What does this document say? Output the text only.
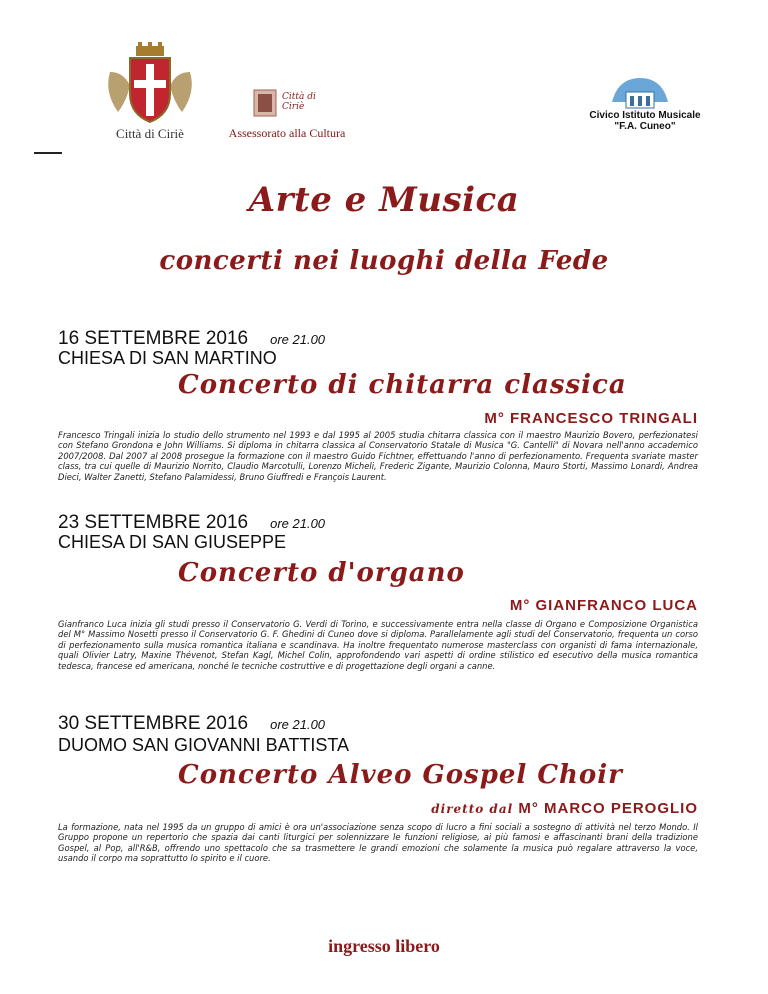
Città di Ciriè
Città di Ciriè
Assessorato alla Cultura
Civico Istituto Musicale
"F.A. Cuneo"
Arte e Musica
concerti nei luoghi della Fede
16 SETTEMBRE 2016 ore 21.00
CHIESA DI SAN MARTINO
Concerto di chitarra classica
M° FRANCESCO TRINGALI
Francesco Tringali inizia lo studio dello strumento nel 1993 e dal 1995 al 2005 studia chitarra classica con il maestro Maurizio Bovero, perfezionatesi con Stefano Grondona e John Williams. Si diploma in chitarra classica al Conservatorio Statale di Musica "G. Cantelli" di Novara nell'anno accademico 2007/2008. Dal 2007 al 2008 prosegue la formazione con il maestro Guido Fichtner, effettuando l'anno di perfezionamento. Frequenta svariate master class, tra cui quelle di Maurizio Norrito, Claudio Marcotulli, Lorenzo Micheli, Frederic Zigante, Maurizio Colonna, Mauro Storti, Massimo Lonardi, Andrea Dieci, Walter Zanetti, Stefano Palamidessi, Bruno Giuffredi e François Laurent.
23 SETTEMBRE 2016 ore 21.00
CHIESA DI SAN GIUSEPPE
Concerto d'organo
M° GIANFRANCO LUCA
Gianfranco Luca inizia gli studi presso il Conservatorio G. Verdi di Torino, e successivamente entra nella classe di Organo e Composizione Organistica del M° Massimo Nosetti presso il Conservatorio G. F. Ghedini di Cuneo dove si diploma. Parallelamente agli studi del Conservatorio, frequenta un corso di perfezionamento sulla musica romantica italiana e scandinava. Ha inoltre frequentato numerose masterclass con organisti di fama internazionale, quali Olivier Latry, Maxine Thévenot, Stefan Kagl, Michel Colin, approfondendo vari aspetti di ordine stilistico ed esecutivo della musica romantica tedesca, francese ed americana, nonché le tecniche costruttive e di progettazione degli organi a canne.
30 SETTEMBRE 2016 ore 21.00
DUOMO SAN GIOVANNI BATTISTA
Concerto Alveo Gospel Choir
diretto dal M° MARCO PEROGLIO
La formazione, nata nel 1995 da un gruppo di amici è ora un'associazione senza scopo di lucro a fini sociali a sostegno di attività nel terzo Mondo. Il Gruppo propone un repertorio che spazia dai canti liturgici per solennizzare le funzioni religiose, ai più famosi e affascinanti brani della tradizione Gospel, al Pop, all'R&B, offrendo uno spettacolo che sa trasmettere le grandi emozioni che solamente la musica può regalare attraverso la voce, usando il corpo ma soprattutto lo spirito e il cuore.
ingresso libero
